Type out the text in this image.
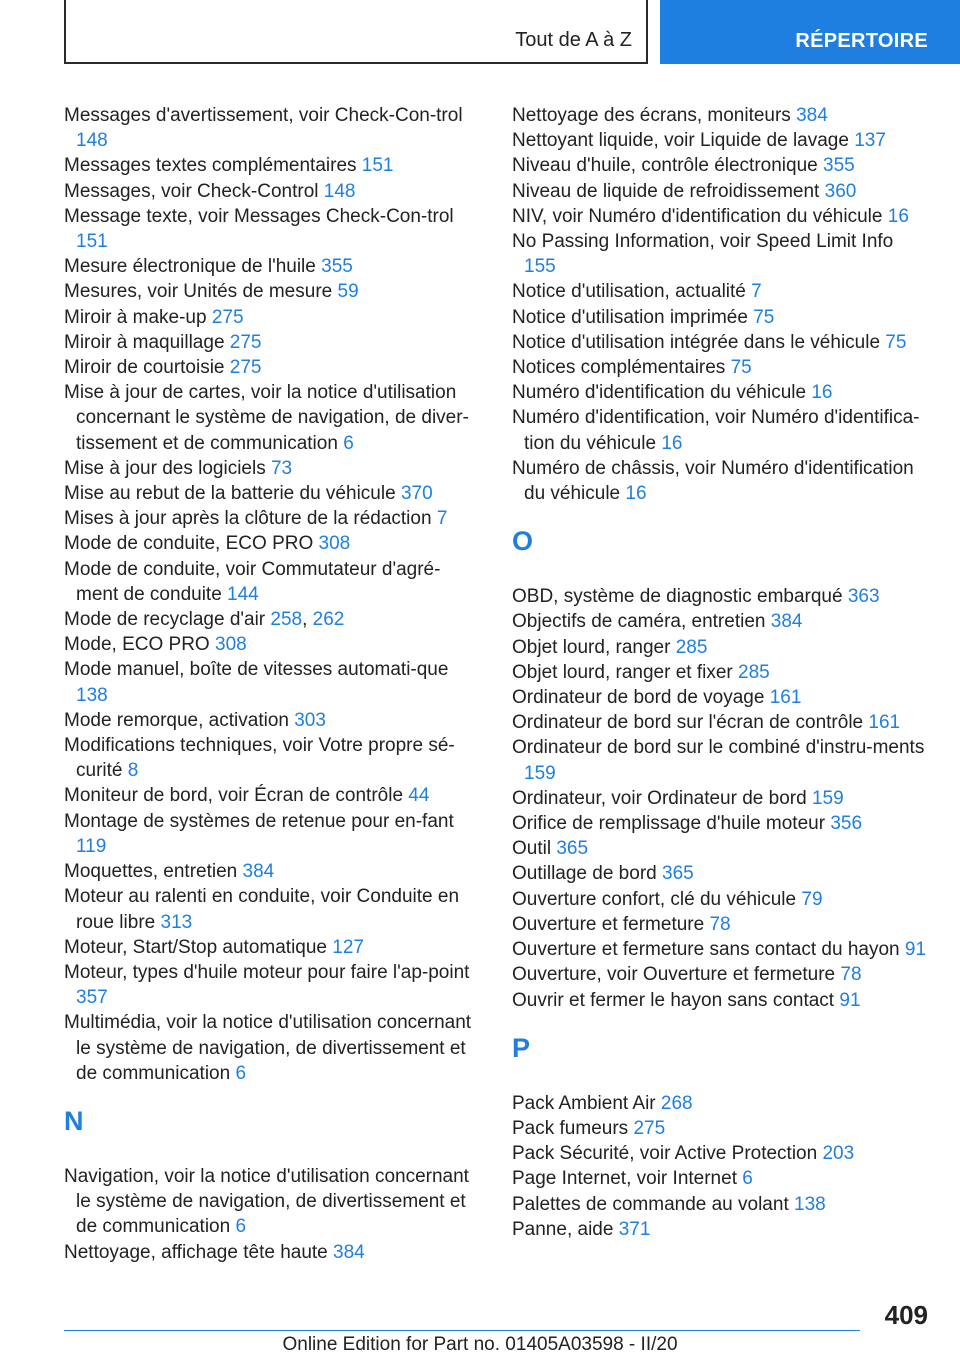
Tout de A à Z	RÉPERTOIRE
Messages d'avertissement, voir Check-Con-trol 148
Messages textes complémentaires 151
Messages, voir Check-Control 148
Message texte, voir Messages Check-Con-trol 151
Mesure électronique de l'huile 355
Mesures, voir Unités de mesure 59
Miroir à make-up 275
Miroir à maquillage 275
Miroir de courtoisie 275
Mise à jour de cartes, voir la notice d'utilisation concernant le système de navigation, de diver-tissement et de communication 6
Mise à jour des logiciels 73
Mise au rebut de la batterie du véhicule 370
Mises à jour après la clôture de la rédaction 7
Mode de conduite, ECO PRO 308
Mode de conduite, voir Commutateur d'agré-ment de conduite 144
Mode de recyclage d'air 258, 262
Mode, ECO PRO 308
Mode manuel, boîte de vitesses automati-que 138
Mode remorque, activation 303
Modifications techniques, voir Votre propre sé-curité 8
Moniteur de bord, voir Écran de contrôle 44
Montage de systèmes de retenue pour en-fant 119
Moquettes, entretien 384
Moteur au ralenti en conduite, voir Conduite en roue libre 313
Moteur, Start/Stop automatique 127
Moteur, types d'huile moteur pour faire l'ap-point 357
Multimédia, voir la notice d'utilisation concernant le système de navigation, de divertissement et de communication 6
N
Navigation, voir la notice d'utilisation concernant le système de navigation, de divertissement et de communication 6
Nettoyage, affichage tête haute 384
Nettoyage des écrans, moniteurs 384
Nettoyant liquide, voir Liquide de lavage 137
Niveau d'huile, contrôle électronique 355
Niveau de liquide de refroidissement 360
NIV, voir Numéro d'identification du véhicule 16
No Passing Information, voir Speed Limit Info 155
Notice d'utilisation, actualité 7
Notice d'utilisation imprimée 75
Notice d'utilisation intégrée dans le véhicule 75
Notices complémentaires 75
Numéro d'identification du véhicule 16
Numéro d'identification, voir Numéro d'identifica-tion du véhicule 16
Numéro de châssis, voir Numéro d'identification du véhicule 16
O
OBD, système de diagnostic embarqué 363
Objectifs de caméra, entretien 384
Objet lourd, ranger 285
Objet lourd, ranger et fixer 285
Ordinateur de bord de voyage 161
Ordinateur de bord sur l'écran de contrôle 161
Ordinateur de bord sur le combiné d'instru-ments 159
Ordinateur, voir Ordinateur de bord 159
Orifice de remplissage d'huile moteur 356
Outil 365
Outillage de bord 365
Ouverture confort, clé du véhicule 79
Ouverture et fermeture 78
Ouverture et fermeture sans contact du hayon 91
Ouverture, voir Ouverture et fermeture 78
Ouvrir et fermer le hayon sans contact 91
P
Pack Ambient Air 268
Pack fumeurs 275
Pack Sécurité, voir Active Protection 203
Page Internet, voir Internet 6
Palettes de commande au volant 138
Panne, aide 371
409
Online Edition for Part no. 01405A03598 - II/20
